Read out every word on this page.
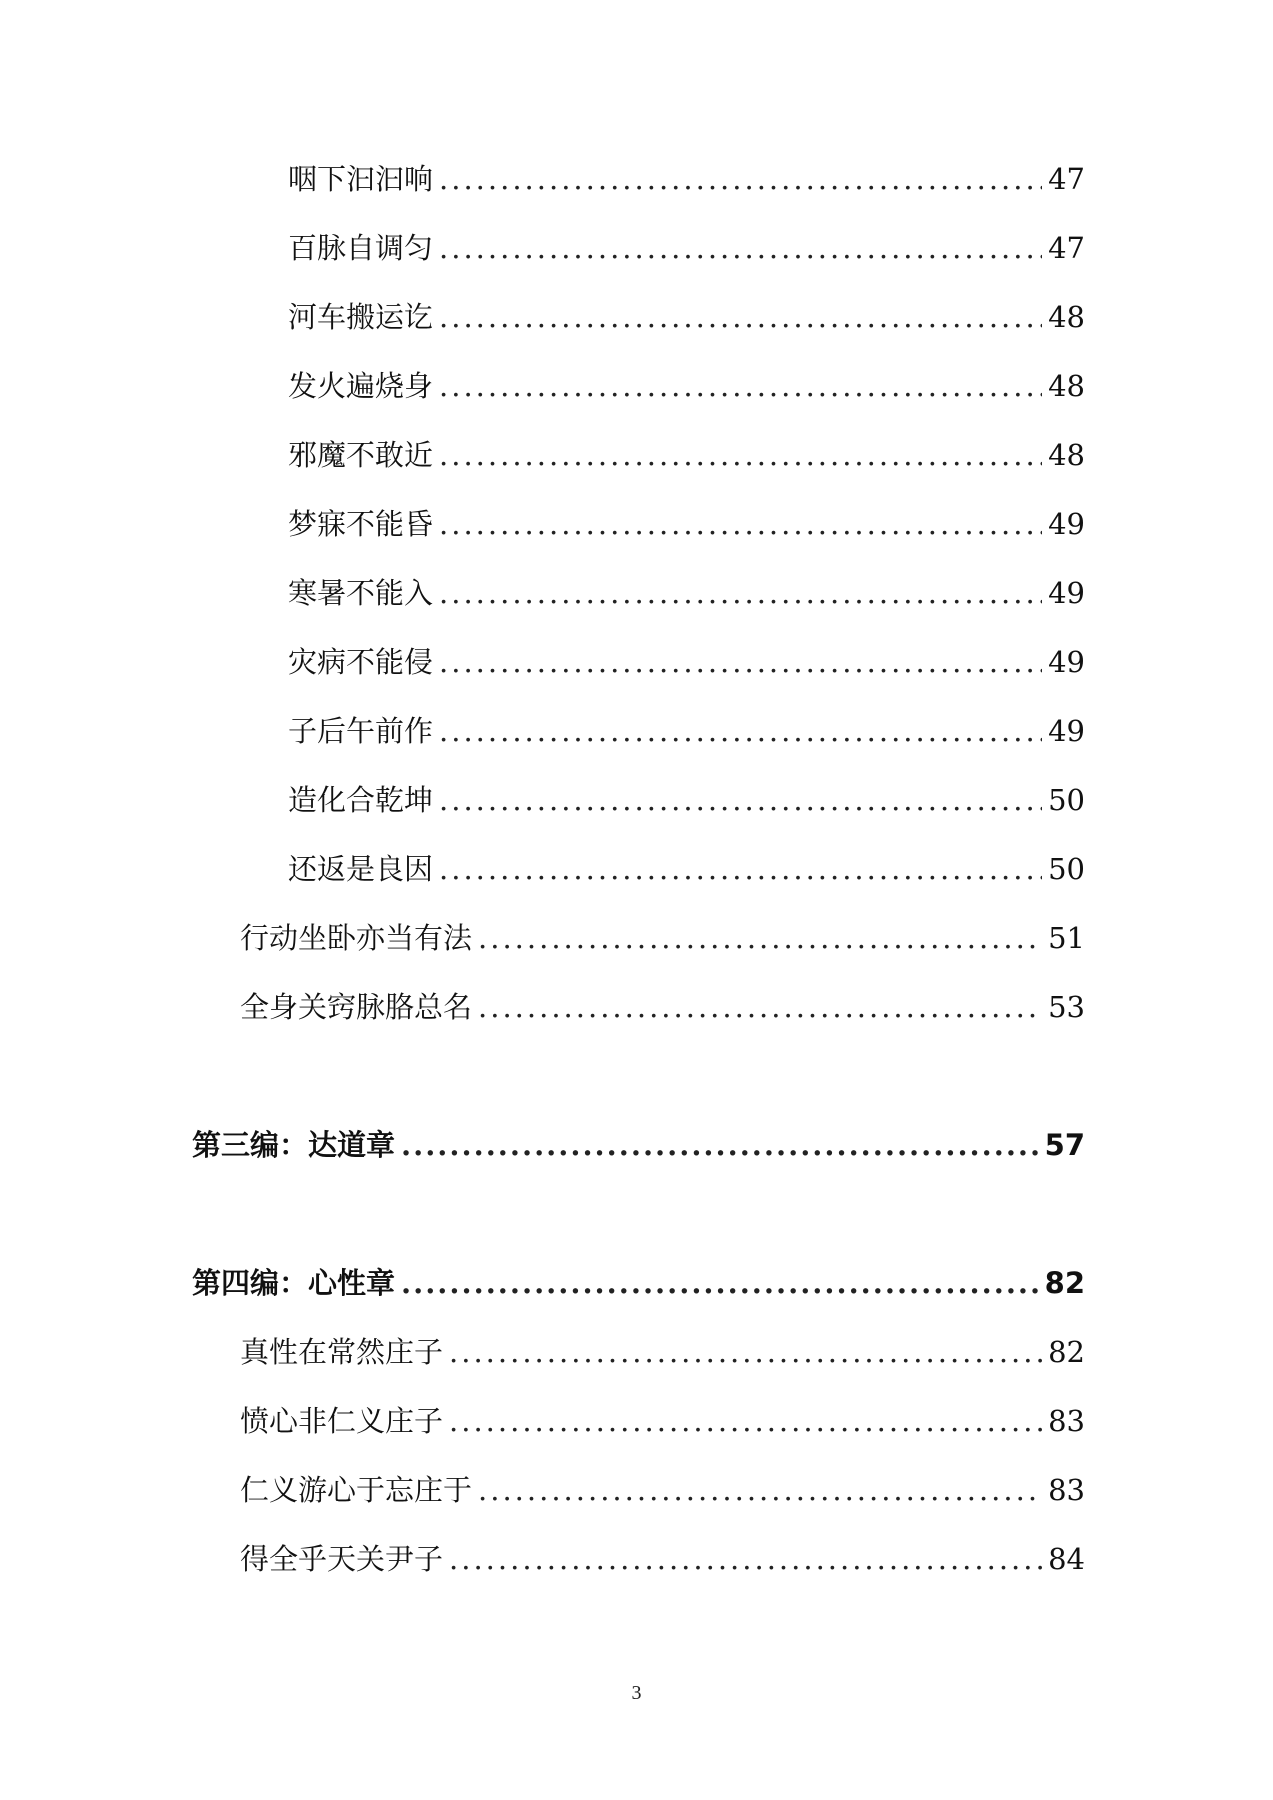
咽下汩汩响 .....	47
百脉自调匀 .....	47
河车搬运讫 .....	48
发火遍烧身 .....	48
邪魔不敢近 .....	48
梦寐不能昏 .....	49
寒暑不能入 .....	49
灾病不能侵 .....	49
子后午前作 .....	49
造化合乾坤 .....	50
还返是良因 .....	50
行动坐卧亦当有法 .....	51
全身关窍脉胳总名 .....	53
第三编：达道章 .....	57
第四编：心性章 .....	82
真性在常然庄子 .....	82
愤心非仁义庄子 .....	83
仁义游心于忘庄于 .....	83
得全乎天关尹子 .....	84
3
